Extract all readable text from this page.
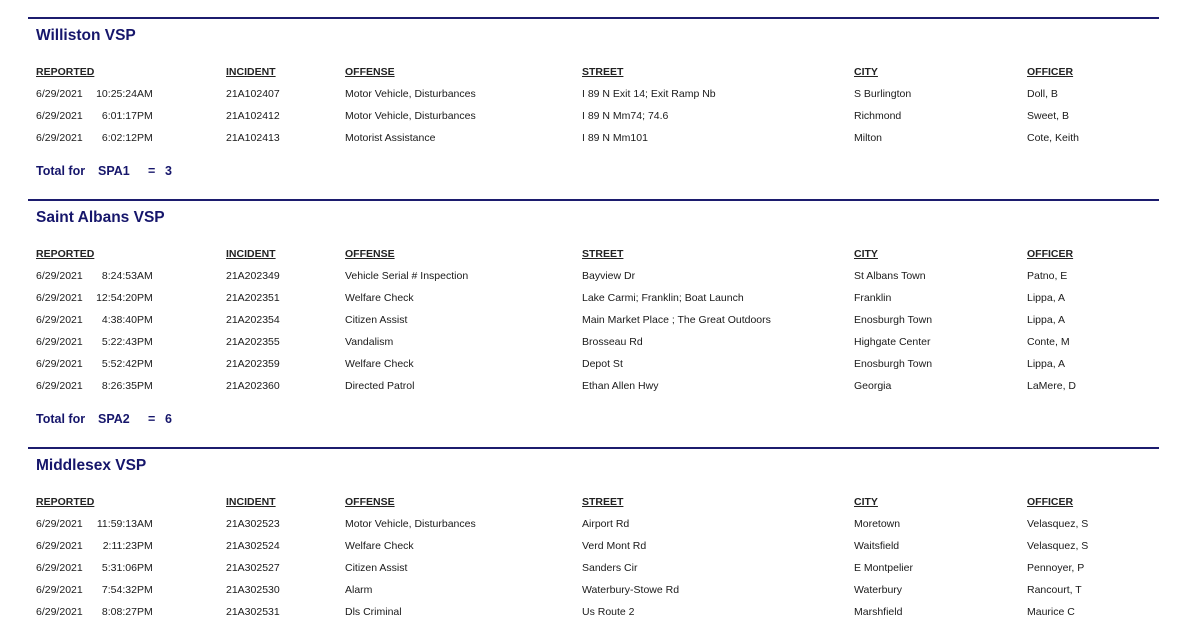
Williston VSP
REPORTED	INCIDENT	OFFENSE	STREET	CITY	OFFICER
6/29/2021 10:25:24AM	21A102407	Motor Vehicle, Disturbances	I 89 N Exit 14; Exit Ramp Nb	S Burlington	Doll, B
6/29/2021 6:01:17PM	21A102412	Motor Vehicle, Disturbances	I 89 N Mm74; 74.6	Richmond	Sweet, B
6/29/2021 6:02:12PM	21A102413	Motorist Assistance	I 89 N Mm101	Milton	Cote, Keith
Total for SPA1 = 3
Saint Albans VSP
REPORTED	INCIDENT	OFFENSE	STREET	CITY	OFFICER
6/29/2021 8:24:53AM	21A202349	Vehicle Serial # Inspection	Bayview Dr	St Albans Town	Patno, E
6/29/2021 12:54:20PM	21A202351	Welfare Check	Lake Carmi; Franklin; Boat Launch	Franklin	Lippa, A
6/29/2021 4:38:40PM	21A202354	Citizen Assist	Main Market Place ; The Great Outdoors	Enosburgh Town	Lippa, A
6/29/2021 5:22:43PM	21A202355	Vandalism	Brosseau Rd	Highgate Center	Conte, M
6/29/2021 5:52:42PM	21A202359	Welfare Check	Depot St	Enosburgh Town	Lippa, A
6/29/2021 8:26:35PM	21A202360	Directed Patrol	Ethan Allen Hwy	Georgia	LaMere, D
Total for SPA2 = 6
Middlesex VSP
REPORTED	INCIDENT	OFFENSE	STREET	CITY	OFFICER
6/29/2021 11:59:13AM	21A302523	Motor Vehicle, Disturbances	Airport Rd	Moretown	Velasquez, S
6/29/2021 2:11:23PM	21A302524	Welfare Check	Verd Mont Rd	Waitsfield	Velasquez, S
6/29/2021 5:31:06PM	21A302527	Citizen Assist	Sanders Cir	E Montpelier	Pennoyer, P
6/29/2021 7:54:32PM	21A302530	Alarm	Waterbury-Stowe Rd	Waterbury	Rancourt, T
6/29/2021 8:08:27PM	21A302531	Dls Criminal	Us Route 2	Marshfield	Maurice C
